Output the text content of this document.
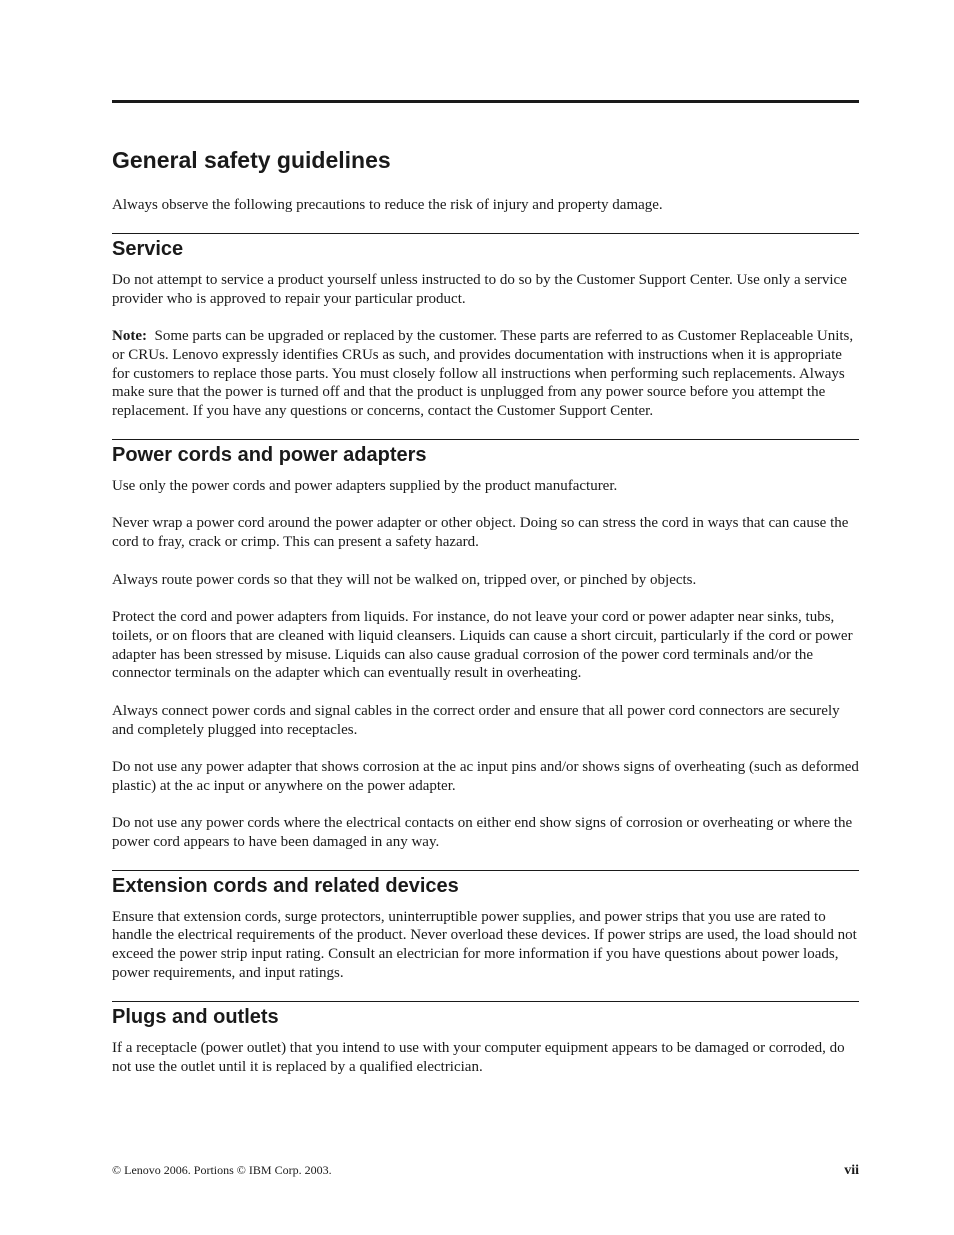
General safety guidelines

Always observe the following precautions to reduce the risk of injury and property damage.

Service

Do not attempt to service a product yourself unless instructed to do so by the Customer Support Center. Use only a service provider who is approved to repair your particular product.

Note: Some parts can be upgraded or replaced by the customer. These parts are referred to as Customer Replaceable Units, or CRUs. Lenovo expressly identifies CRUs as such, and provides documentation with instructions when it is appropriate for customers to replace those parts. You must closely follow all instructions when performing such replacements. Always make sure that the power is turned off and that the product is unplugged from any power source before you attempt the replacement. If you have any questions or concerns, contact the Customer Support Center.

Power cords and power adapters

Use only the power cords and power adapters supplied by the product manufacturer.

Never wrap a power cord around the power adapter or other object. Doing so can stress the cord in ways that can cause the cord to fray, crack or crimp. This can present a safety hazard.

Always route power cords so that they will not be walked on, tripped over, or pinched by objects.

Protect the cord and power adapters from liquids. For instance, do not leave your cord or power adapter near sinks, tubs, toilets, or on floors that are cleaned with liquid cleansers. Liquids can cause a short circuit, particularly if the cord or power adapter has been stressed by misuse. Liquids can also cause gradual corrosion of the power cord terminals and/or the connector terminals on the adapter which can eventually result in overheating.

Always connect power cords and signal cables in the correct order and ensure that all power cord connectors are securely and completely plugged into receptacles.

Do not use any power adapter that shows corrosion at the ac input pins and/or shows signs of overheating (such as deformed plastic) at the ac input or anywhere on the power adapter.

Do not use any power cords where the electrical contacts on either end show signs of corrosion or overheating or where the power cord appears to have been damaged in any way.

Extension cords and related devices

Ensure that extension cords, surge protectors, uninterruptible power supplies, and power strips that you use are rated to handle the electrical requirements of the product. Never overload these devices. If power strips are used, the load should not exceed the power strip input rating. Consult an electrician for more information if you have questions about power loads, power requirements, and input ratings.

Plugs and outlets

If a receptacle (power outlet) that you intend to use with your computer equipment appears to be damaged or corroded, do not use the outlet until it is replaced by a qualified electrician.

© Lenovo 2006. Portions © IBM Corp. 2003.	vii
